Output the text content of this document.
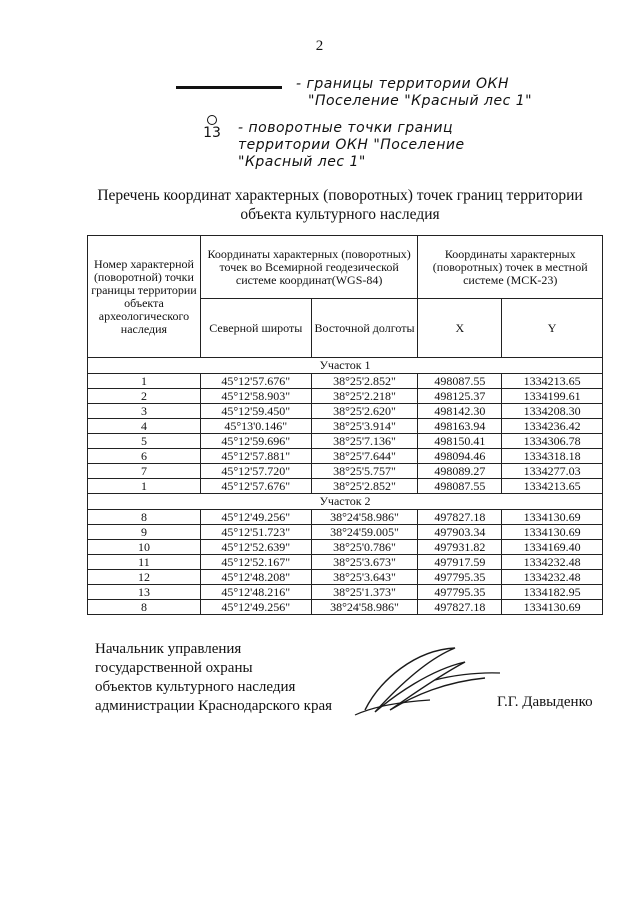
2
- границы территории ОКН
"Поселение "Красный лес 1"
13 - поворотные точки границ
территории ОКН "Поселение
"Красный лес 1"
Перечень координат характерных (поворотных) точек границ территории
объекта культурного наследия
Номер характерной (поворотной) точки границы территории объекта археологического наследия	Координаты характерных (поворотных) точек во Всемирной геодезической системе координат(WGS-84)		Координаты характерных (поворотных) точек в местной системе (МСК-23)	
	Северной широты	Восточной долготы	X	Y
Участок 1				
1	45°12'57.676"	38°25'2.852"	498087.55	1334213.65
2	45°12'58.903"	38°25'2.218"	498125.37	1334199.61
3	45°12'59.450"	38°25'2.620"	498142.30	1334208.30
4	45°13'0.146"	38°25'3.914"	498163.94	1334236.42
5	45°12'59.696"	38°25'7.136"	498150.41	1334306.78
6	45°12'57.881"	38°25'7.644"	498094.46	1334318.18
7	45°12'57.720"	38°25'5.757"	498089.27	1334277.03
1	45°12'57.676"	38°25'2.852"	498087.55	1334213.65
Участок 2				
8	45°12'49.256"	38°24'58.986"	497827.18	1334130.69
9	45°12'51.723"	38°24'59.005"	497903.34	1334130.69
10	45°12'52.639"	38°25'0.786"	497931.82	1334169.40
11	45°12'52.167"	38°25'3.673"	497917.59	1334232.48
12	45°12'48.208"	38°25'3.643"	497795.35	1334232.48
13	45°12'48.216"	38°25'1.373"	497795.35	1334182.95
8	45°12'49.256"	38°24'58.986"	497827.18	1334130.69
Начальник управления
государственной охраны
объектов культурного наследия
администрации Краснодарского края	Г.Г. Давыденко
